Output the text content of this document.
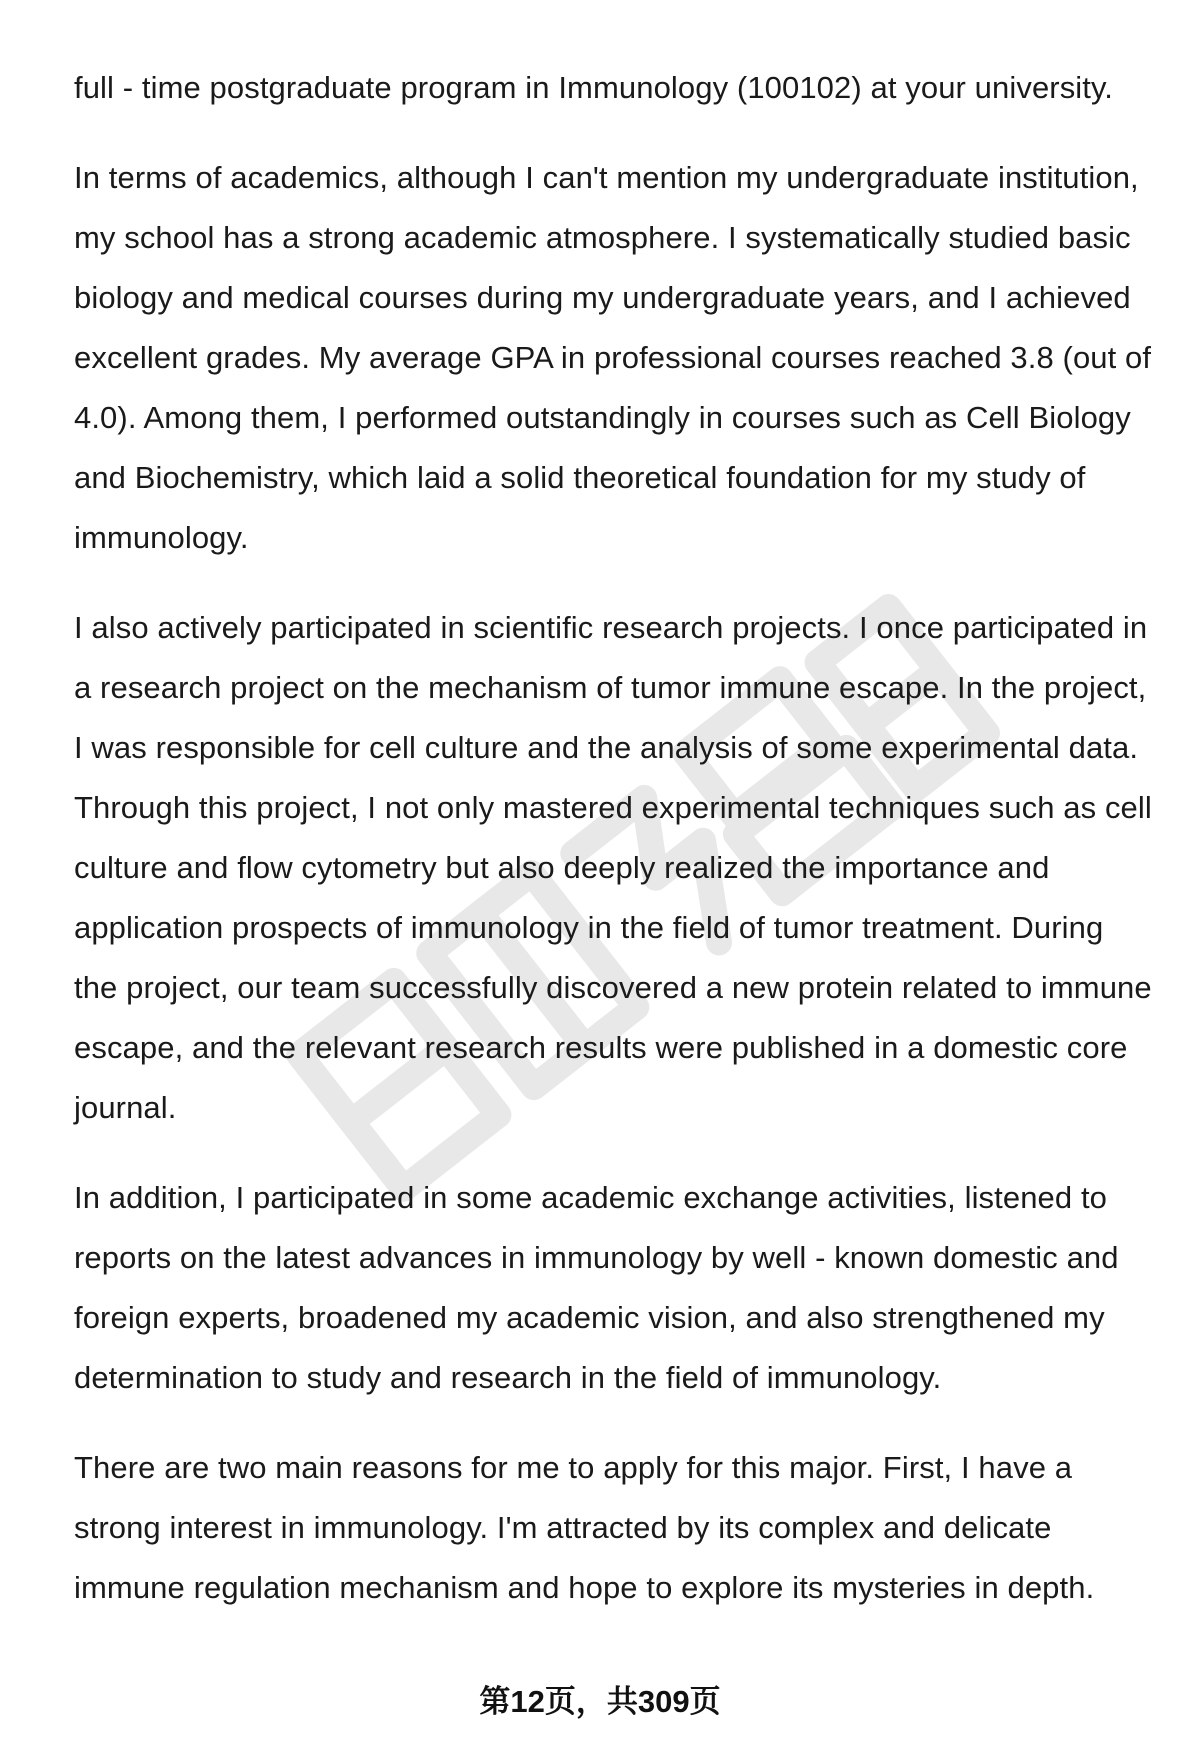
full - time postgraduate program in Immunology (100102) at your university.

In terms of academics, although I can't mention my undergraduate institution, my school has a strong academic atmosphere. I systematically studied basic biology and medical courses during my undergraduate years, and I achieved excellent grades. My average GPA in professional courses reached 3.8 (out of 4.0). Among them, I performed outstandingly in courses such as Cell Biology and Biochemistry, which laid a solid theoretical foundation for my study of immunology.

I also actively participated in scientific research projects. I once participated in a research project on the mechanism of tumor immune escape. In the project, I was responsible for cell culture and the analysis of some experimental data. Through this project, I not only mastered experimental techniques such as cell culture and flow cytometry but also deeply realized the importance and application prospects of immunology in the field of tumor treatment. During the project, our team successfully discovered a new protein related to immune escape, and the relevant research results were published in a domestic core journal.

In addition, I participated in some academic exchange activities, listened to reports on the latest advances in immunology by well - known domestic and foreign experts, broadened my academic vision, and also strengthened my determination to study and research in the field of immunology.

There are two main reasons for me to apply for this major. First, I have a strong interest in immunology. I'm attracted by its complex and delicate immune regulation mechanism and hope to explore its mysteries in depth.

第12页，共309页
